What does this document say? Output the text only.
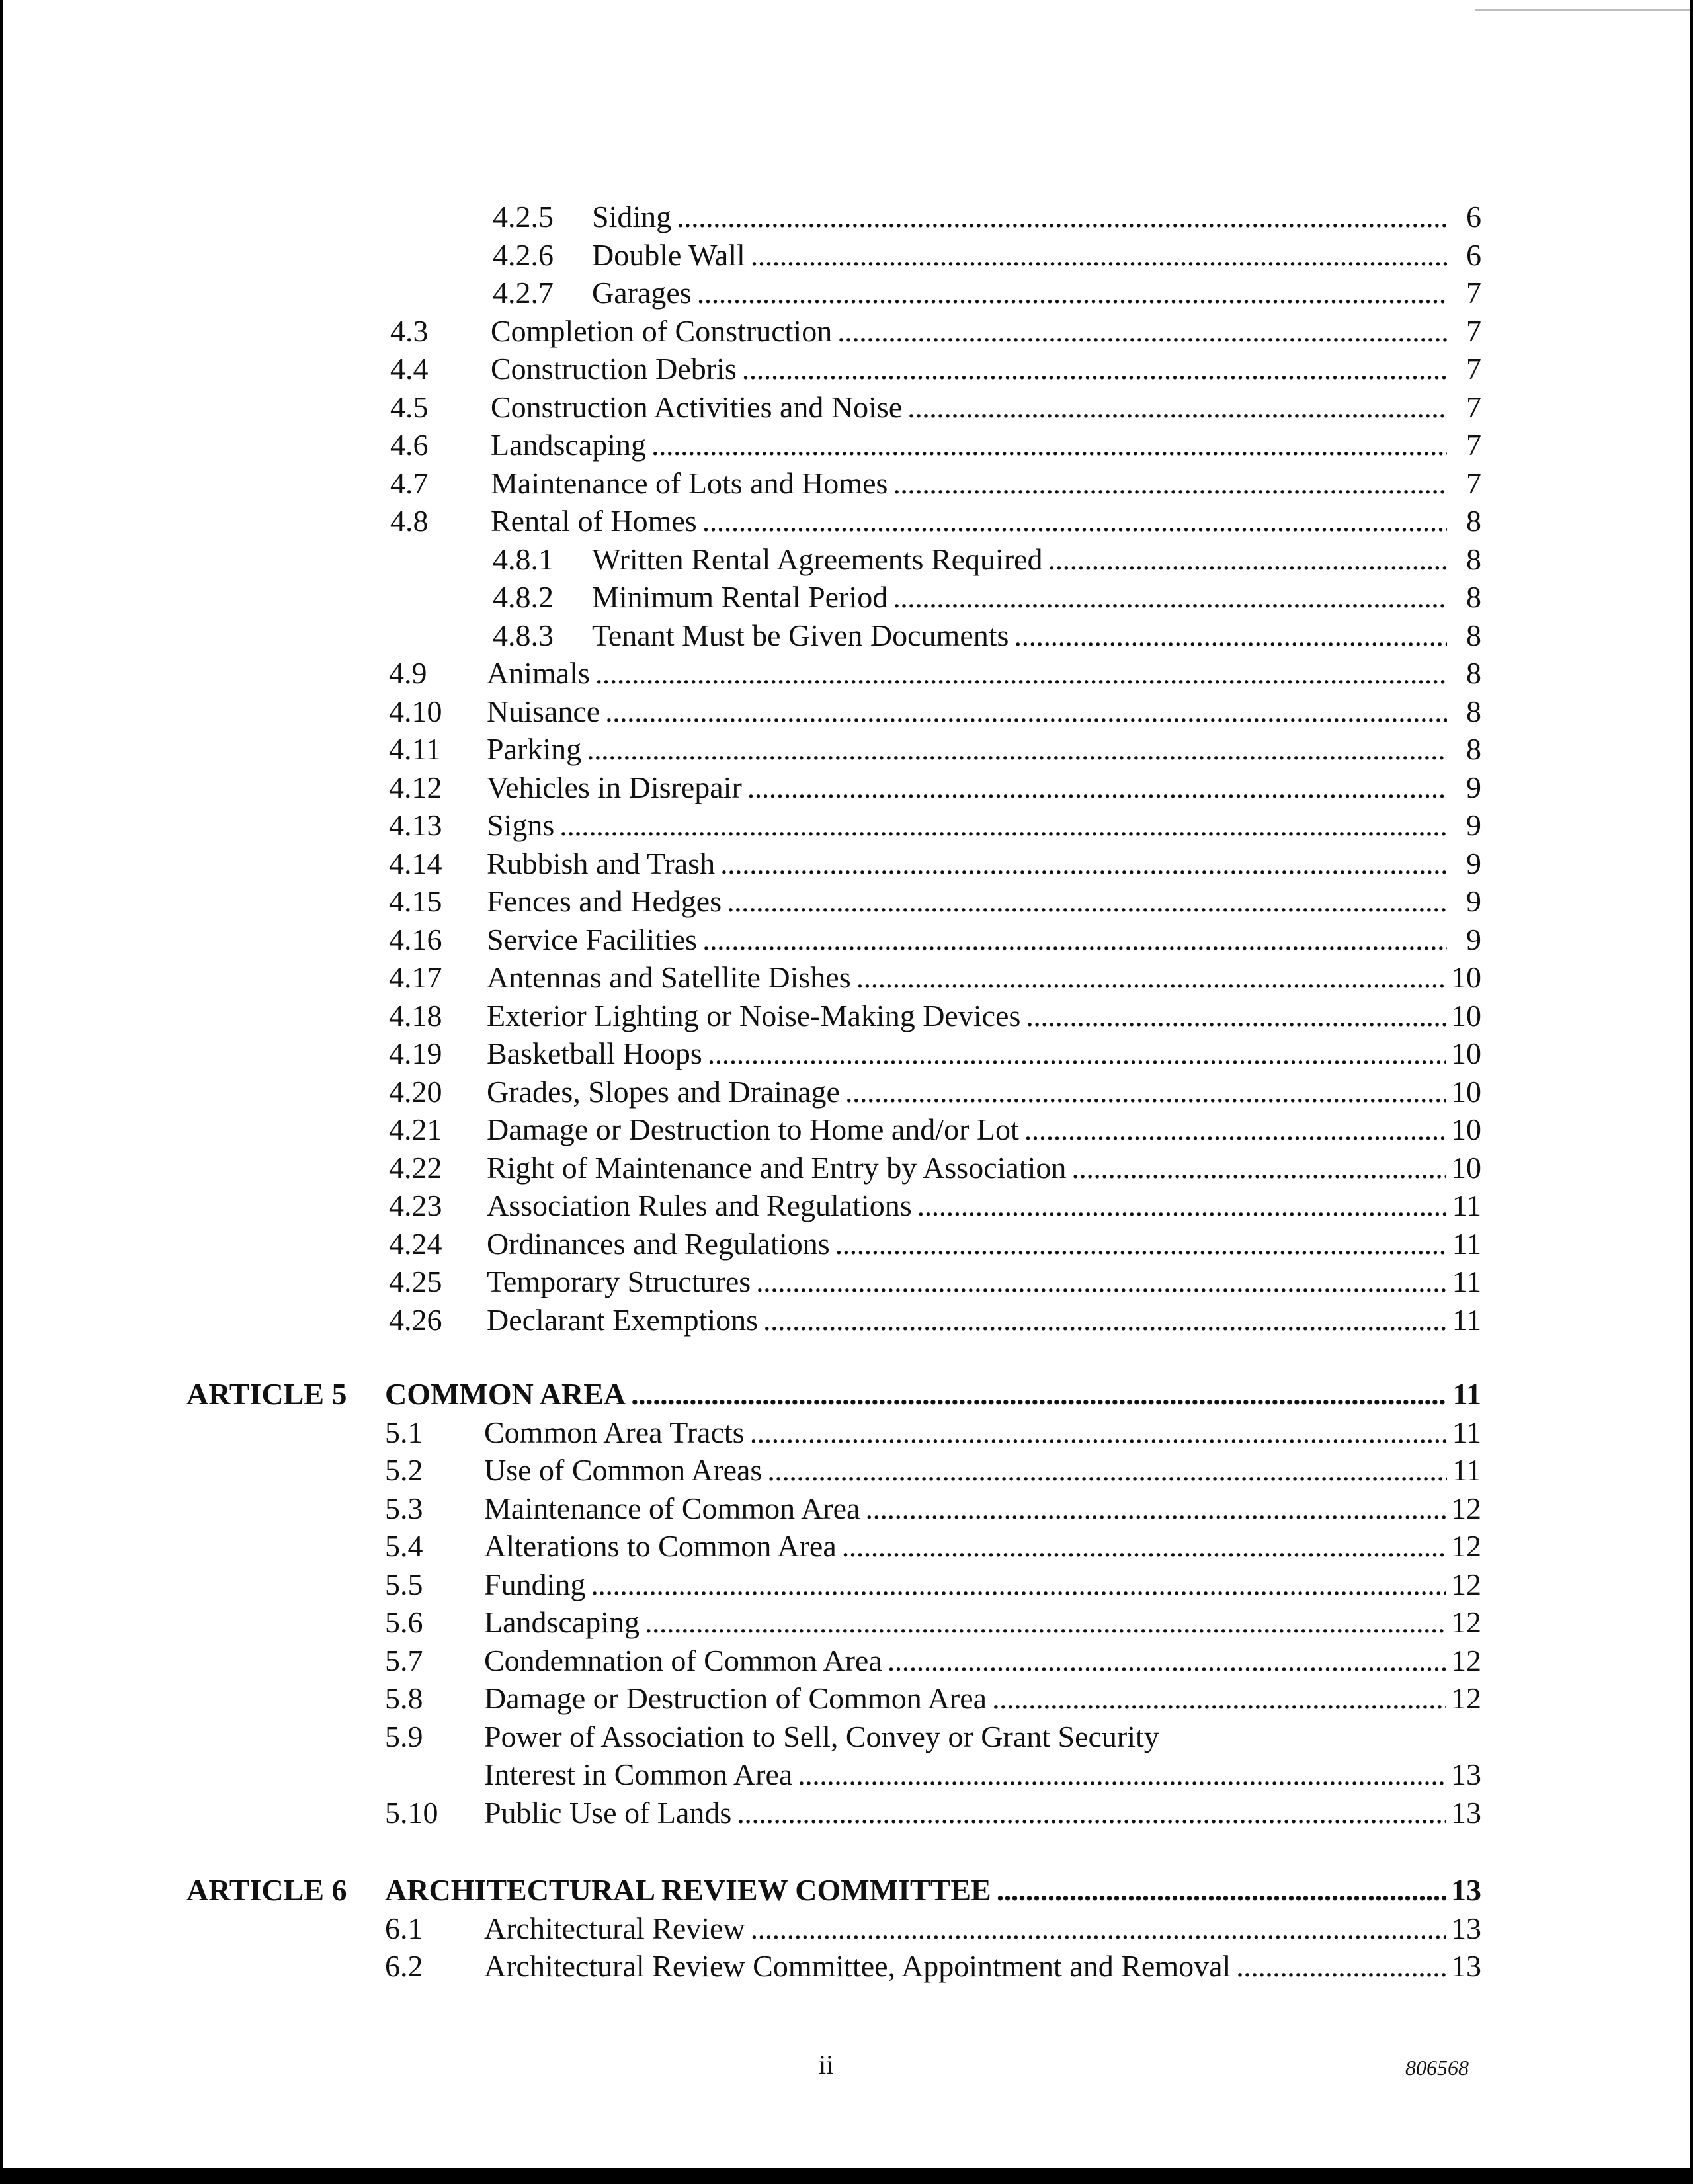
4.2.5	Siding . . .	6
4.2.6	Double Wall . . .	6
4.2.7	Garages . . .	7
4.3	Completion of Construction . . .	7
4.4	Construction Debris . . .	7
4.5	Construction Activities and Noise . . .	7
4.6	Landscaping . . .	7
4.7	Maintenance of Lots and Homes . . .	7
4.8	Rental of Homes . . .	8
4.8.1	Written Rental Agreements Required . . .	8
4.8.2	Minimum Rental Period . . .	8
4.8.3	Tenant Must be Given Documents . . .	8
4.9	Animals . . .	8
4.10	Nuisance . . .	8
4.11	Parking . . .	8
4.12	Vehicles in Disrepair . . .	9
4.13	Signs . . .	9
4.14	Rubbish and Trash . . .	9
4.15	Fences and Hedges . . .	9
4.16	Service Facilities . . .	9
4.17	Antennas and Satellite Dishes . . .	10
4.18	Exterior Lighting or Noise-Making Devices . . .	10
4.19	Basketball Hoops . . .	10
4.20	Grades, Slopes and Drainage . . .	10
4.21	Damage or Destruction to Home and/or Lot . . .	10
4.22	Right of Maintenance and Entry by Association . . .	10
4.23	Association Rules and Regulations . . .	11
4.24	Ordinances and Regulations . . .	11
4.25	Temporary Structures . . .	11
4.26	Declarant Exemptions . . .	11
ARTICLE 5	COMMON AREA . . .	11
5.1	Common Area Tracts . . .	11
5.2	Use of Common Areas . . .	11
5.3	Maintenance of Common Area . . .	12
5.4	Alterations to Common Area . . .	12
5.5	Funding . . .	12
5.6	Landscaping . . .	12
5.7	Condemnation of Common Area . . .	12
5.8	Damage or Destruction of Common Area . . .	12
5.9 Power of Association to Sell, Convey or Grant Security
Interest in Common Area . . .	13
5.10	Public Use of Lands . . .	13
ARTICLE 6	ARCHITECTURAL REVIEW COMMITTEE . . .	13
6.1	Architectural Review . . .	13
6.2	Architectural Review Committee, Appointment and Removal . . .	13
ii	806568
